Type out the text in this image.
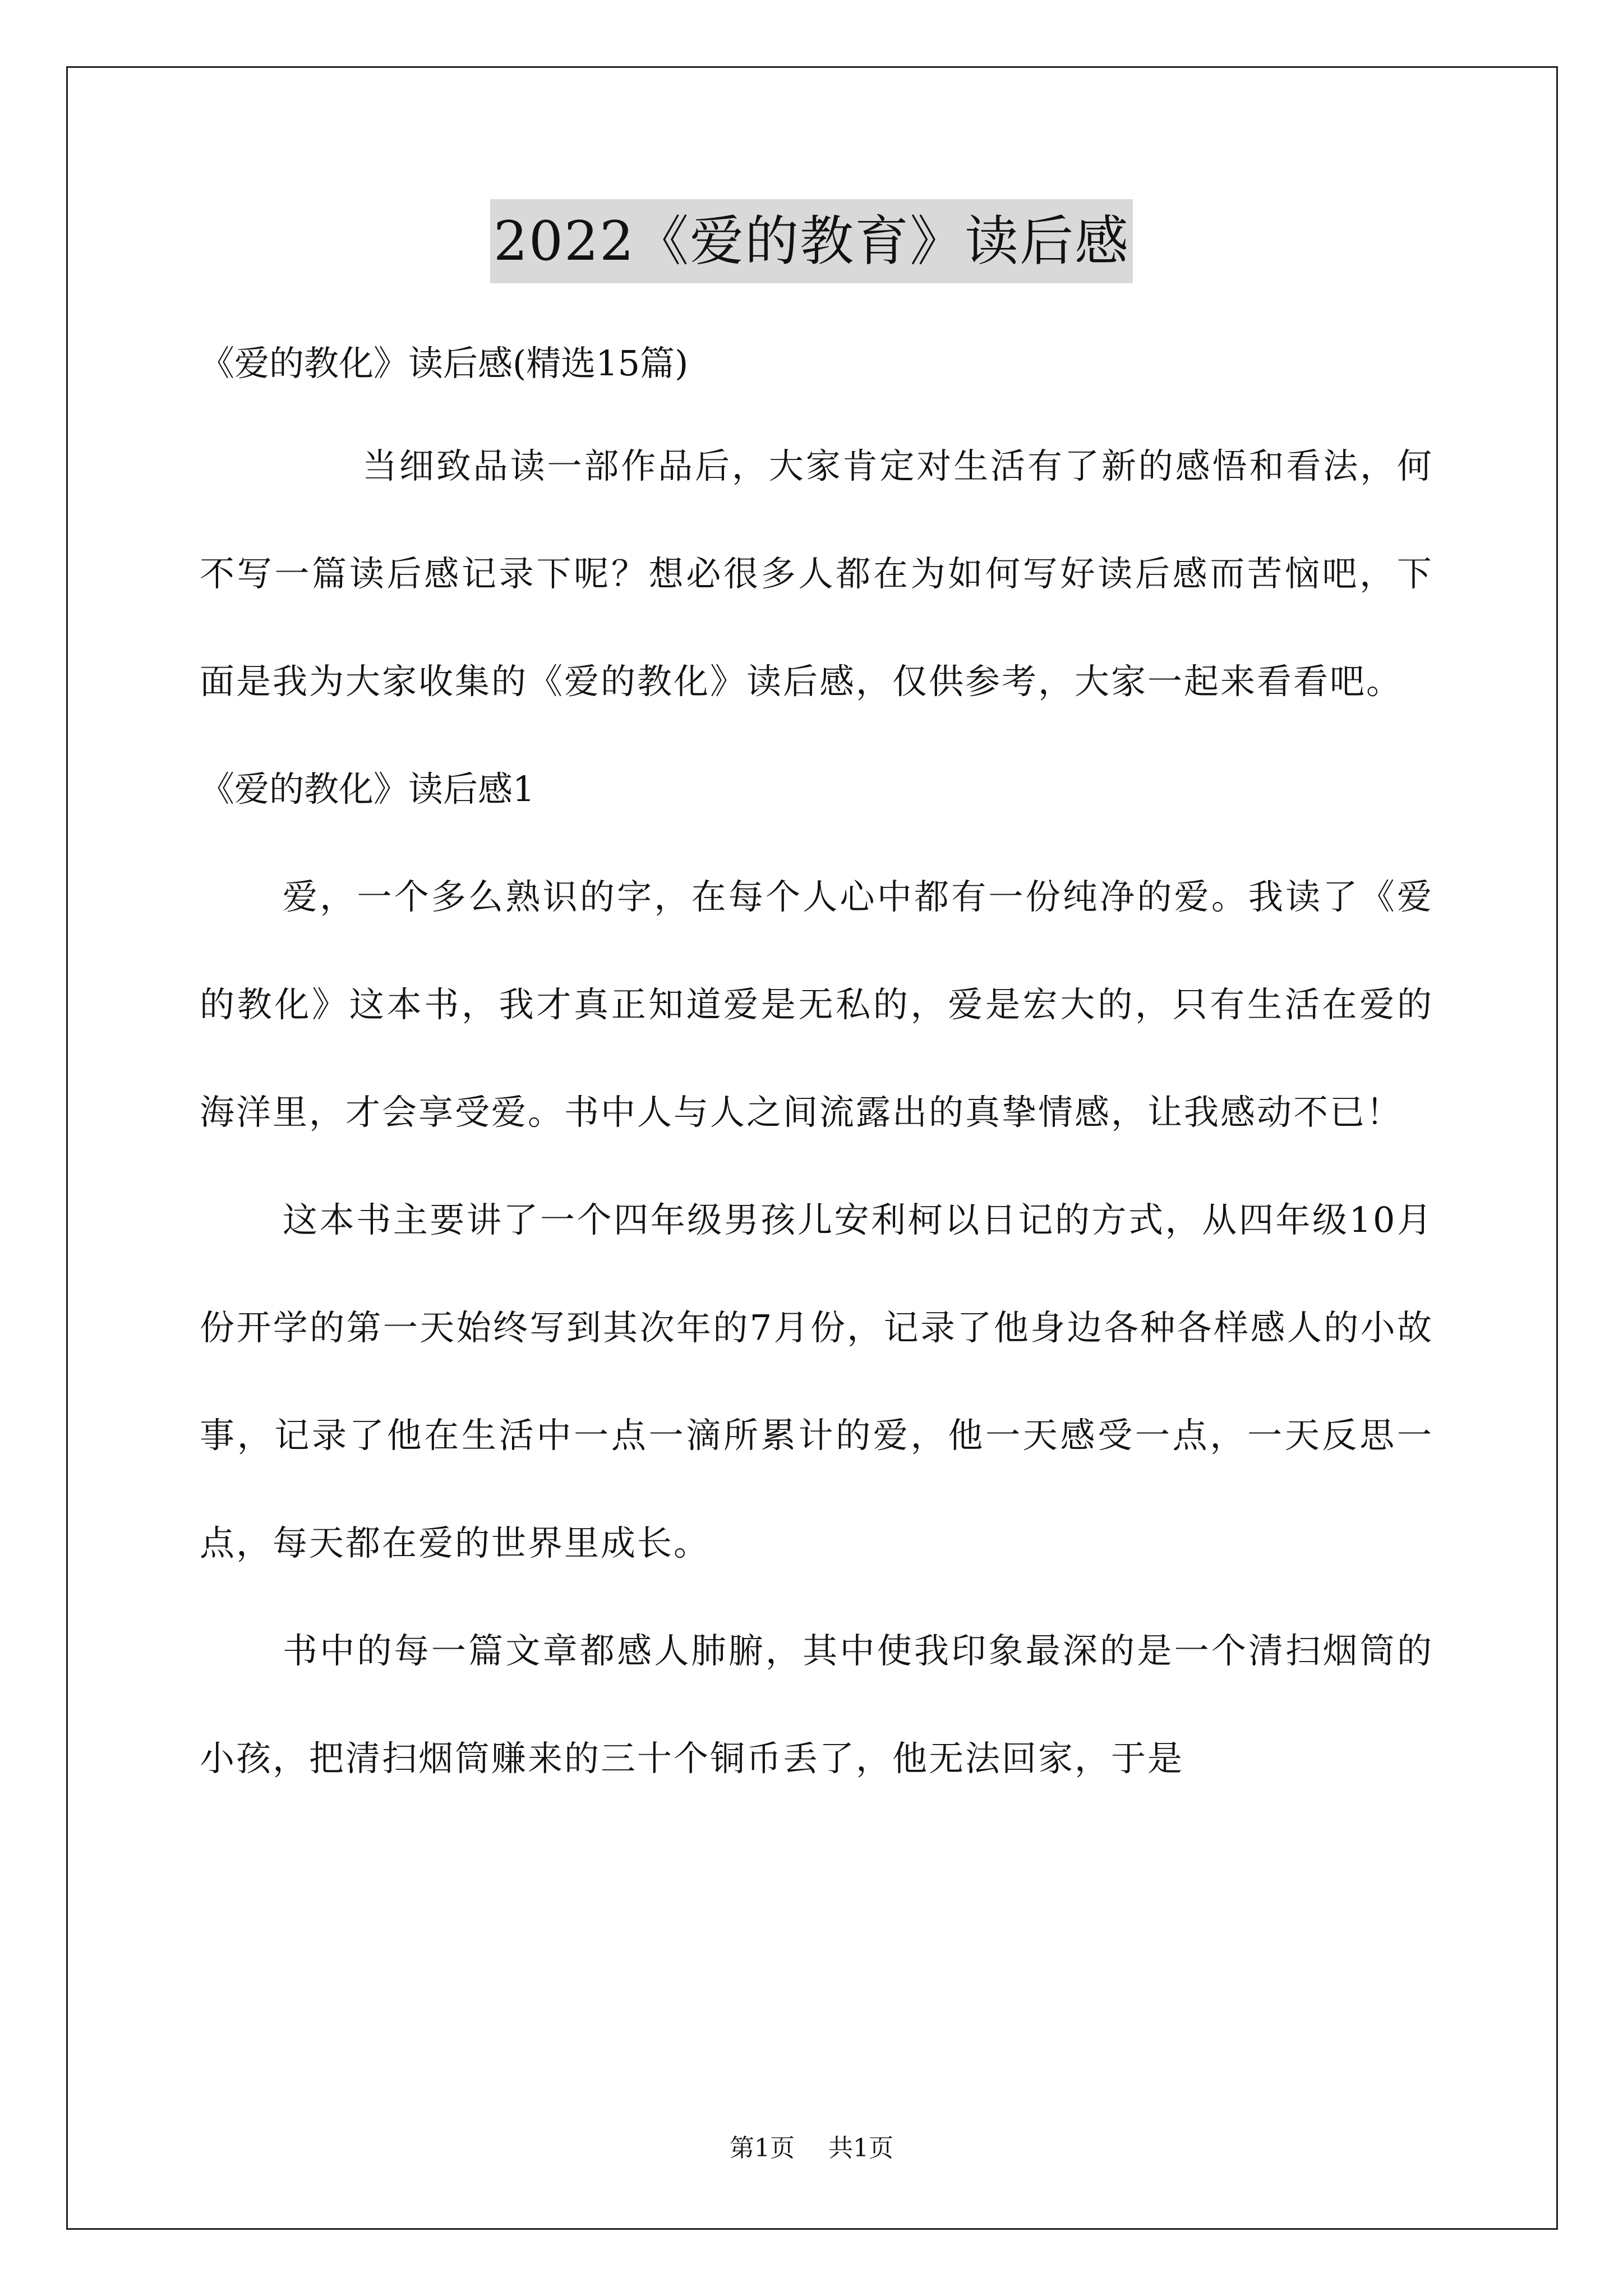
2022《爱的教育》读后感
《爱的教化》读后感(精选15篇)

当细致品读一部作品后，大家肯定对生活有了新的感悟和看法，何不写一篇读后感记录下呢？想必很多人都在为如何写好读后感而苦恼吧，下面是我为大家收集的《爱的教化》读后感，仅供参考，大家一起来看看吧。

《爱的教化》读后感1

爱，一个多么熟识的字，在每个人心中都有一份纯净的爱。我读了《爱的教化》这本书，我才真正知道爱是无私的，爱是宏大的，只有生活在爱的海洋里，才会享受爱。书中人与人之间流露出的真挚情感，让我感动不已！

这本书主要讲了一个四年级男孩儿安利柯以日记的方式，从四年级10月份开学的第一天始终写到其次年的7月份，记录了他身边各种各样感人的小故事，记录了他在生活中一点一滴所累计的爱，他一天感受一点，一天反思一点，每天都在爱的世界里成长。

书中的每一篇文章都感人肺腑，其中使我印象最深的是一个清扫烟筒的小孩，把清扫烟筒赚来的三十个铜币丢了，他无法回家，于是

第1页 共1页
